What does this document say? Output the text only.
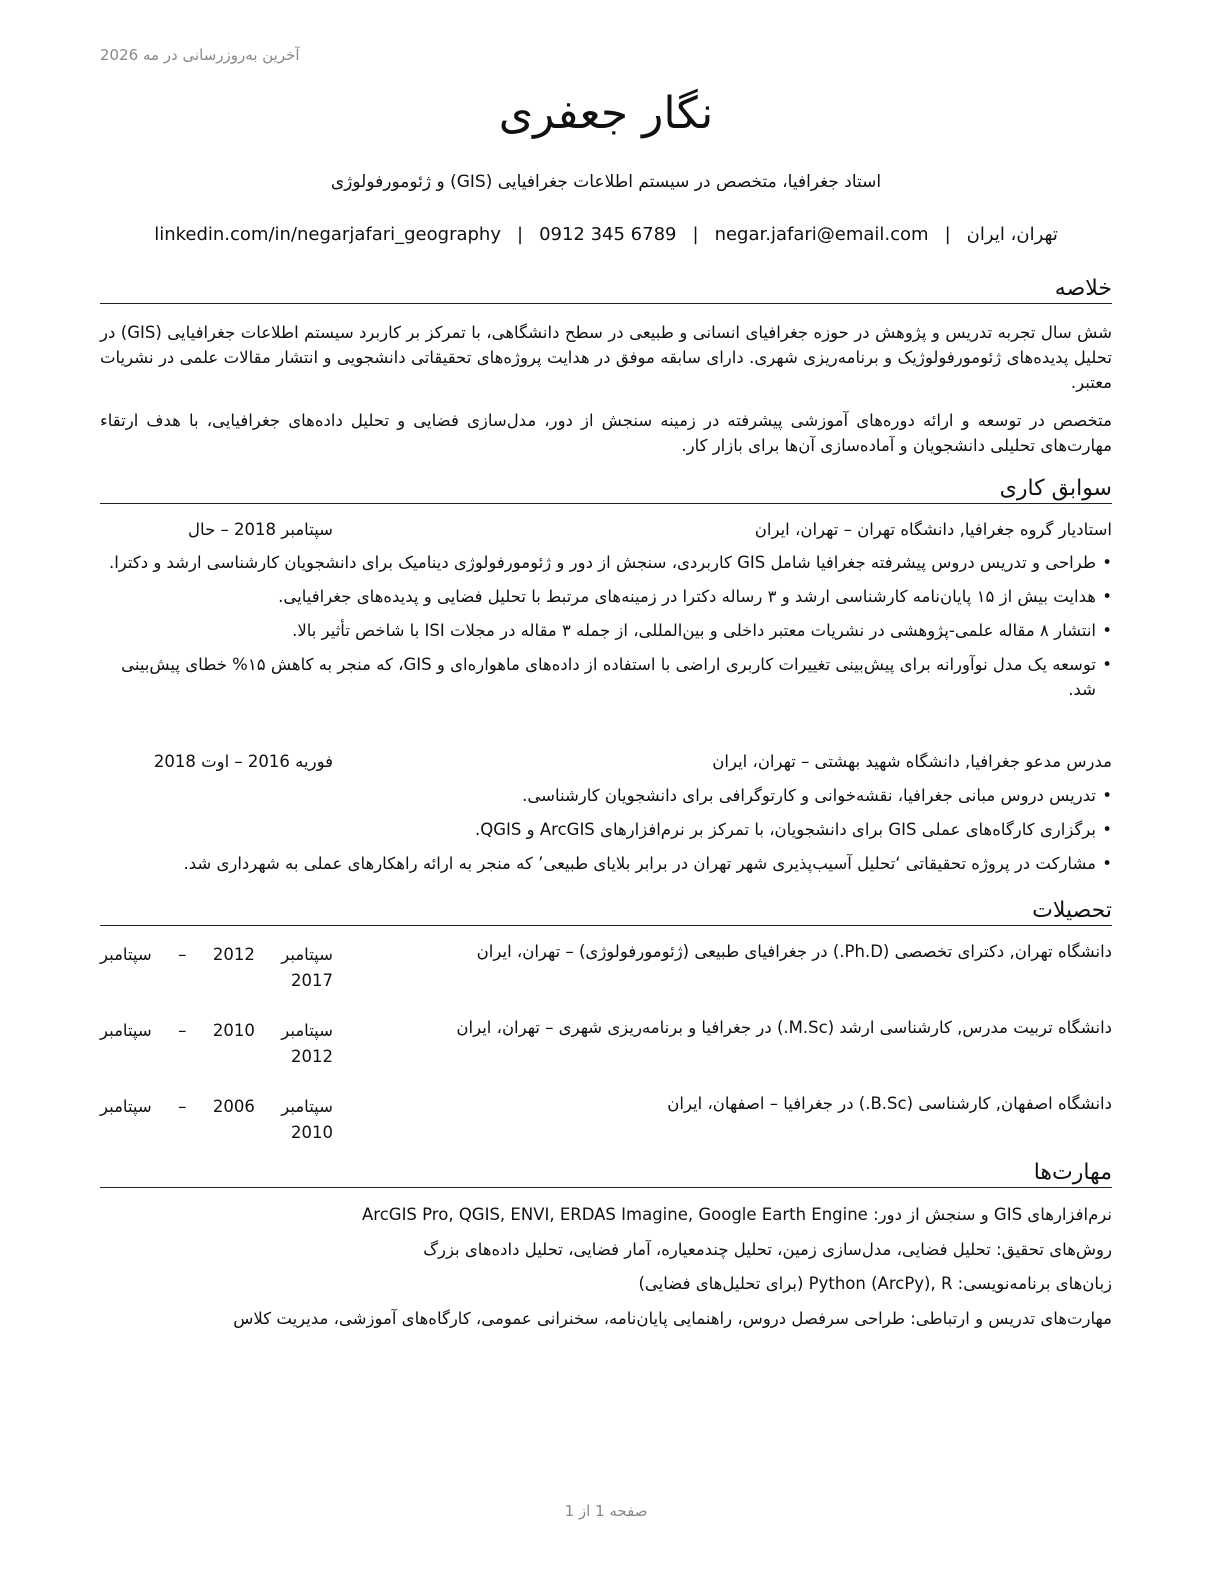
آخرین به‌روزرسانی در مه 2026
نگار جعفری
استاد جغرافیا، متخصص در سیستم اطلاعات جغرافیایی (GIS) و ژئومورفولوژی
تهران، ایران
|
negar.jafari@email.com
|
0912 345 6789
|
linkedin.com/in/negarjafari_geography
خلاصه

شش سال تجربه تدریس و پژوهش در حوزه جغرافیای انسانی و طبیعی در سطح دانشگاهی، با تمرکز بر کاربرد سیستم اطلاعات جغرافیایی (GIS) در تحلیل پدیده‌های ژئومورفولوژیک و برنامه‌ریزی شهری. دارای سابقه موفق در هدایت پروژه‌های تحقیقاتی دانشجویی و انتشار مقالات علمی در نشریات معتبر.

متخصص در توسعه و ارائه دوره‌های آموزشی پیشرفته در زمینه سنجش از دور، مدل‌سازی فضایی و تحلیل داده‌های جغرافیایی، با هدف ارتقاء مهارت‌های تحلیلی دانشجویان و آماده‌سازی آن‌ها برای بازار کار.

سوابق کاری
استادیار گروه جغرافیا, دانشگاه تهران – تهران، ایران
سپتامبر 2018 – حال
• طراحی و تدریس دروس پیشرفته جغرافیا شامل GIS کاربردی، سنجش از دور و ژئومورفولوژی دینامیک برای دانشجویان کارشناسی ارشد و دکترا.
• هدایت بیش از ۱۵ پایان‌نامه کارشناسی ارشد و ۳ رساله دکترا در زمینه‌های مرتبط با تحلیل فضایی و پدیده‌های جغرافیایی.
• انتشار ۸ مقاله علمی-پژوهشی در نشریات معتبر داخلی و بین‌المللی، از جمله ۳ مقاله در مجلات ISI با شاخص تأثیر بالا.
• توسعه یک مدل نوآورانه برای پیش‌بینی تغییرات کاربری اراضی با استفاده از داده‌های ماهواره‌ای و GIS، که منجر به کاهش ۱۵% خطای پیش‌بینی شد.
مدرس مدعو جغرافیا, دانشگاه شهید بهشتی – تهران، ایران
فوریه 2016 – اوت 2018
• تدریس دروس مبانی جغرافیا، نقشه‌خوانی و کارتوگرافی برای دانشجویان کارشناسی.
• برگزاری کارگاه‌های عملی GIS برای دانشجویان، با تمرکز بر نرم‌افزارهای ArcGIS و QGIS.
• مشارکت در پروژه تحقیقاتی ‘تحلیل آسیب‌پذیری شهر تهران در برابر بلایای طبیعی’ که منجر به ارائه راهکارهای عملی به شهرداری شد.
تحصیلات
دانشگاه تهران, دکترای تخصصی (Ph.D.) در جغرافیای طبیعی (ژئومورفولوژی) – تهران، ایران
سپتامبر 2012 – سپتامبر
2017
دانشگاه تربیت مدرس, کارشناسی ارشد (M.Sc.) در جغرافیا و برنامه‌ریزی شهری – تهران، ایران
سپتامبر 2010 – سپتامبر
2012
دانشگاه اصفهان, کارشناسی (B.Sc.) در جغرافیا – اصفهان، ایران
سپتامبر 2006 – سپتامبر
2010
مهارت‌ها
نرم‌افزارهای GIS و سنجش از دور: ArcGIS Pro, QGIS, ENVI, ERDAS Imagine, Google Earth Engine
روش‌های تحقیق: تحلیل فضایی، مدل‌سازی زمین، تحلیل چندمعیاره، آمار فضایی، تحلیل داده‌های بزرگ
زبان‌های برنامه‌نویسی: Python (ArcPy), R (برای تحلیل‌های فضایی)
مهارت‌های تدریس و ارتباطی: طراحی سرفصل دروس، راهنمایی پایان‌نامه، سخنرانی عمومی، کارگاه‌های آموزشی، مدیریت کلاس
صفحه 1 از 1
